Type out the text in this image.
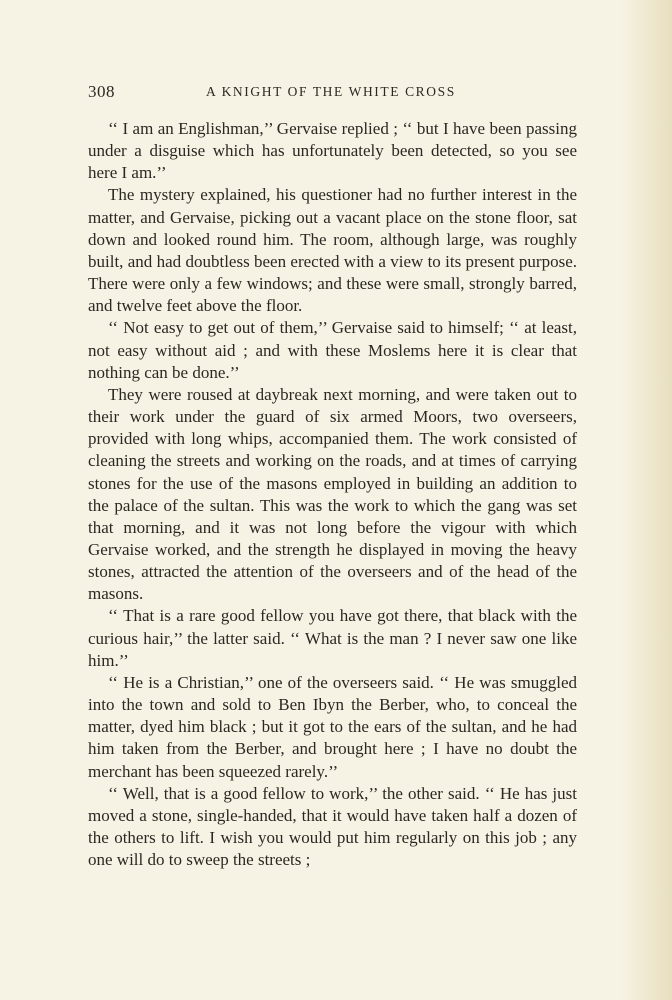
308	A KNIGHT OF THE WHITE CROSS

‘‘ I am an Englishman,’’ Gervaise replied ; ‘‘ but I have been passing under a disguise which has unfortunately been detected, so you see here I am.’’

The mystery explained, his questioner had no further interest in the matter, and Gervaise, picking out a vacant place on the stone floor, sat down and looked round him. The room, although large, was roughly built, and had doubtless been erected with a view to its present purpose. There were only a few windows; and these were small, strongly barred, and twelve feet above the floor.

‘‘ Not easy to get out of them,’’ Gervaise said to himself; ‘‘ at least, not easy without aid ; and with these Moslems here it is clear that nothing can be done.’’

They were roused at daybreak next morning, and were taken out to their work under the guard of six armed Moors, two overseers, provided with long whips, accompanied them. The work consisted of cleaning the streets and working on the roads, and at times of carrying stones for the use of the masons employed in building an addition to the palace of the sultan. This was the work to which the gang was set that morning, and it was not long before the vigour with which Gervaise worked, and the strength he displayed in moving the heavy stones, attracted the attention of the overseers and of the head of the masons.

‘‘ That is a rare good fellow you have got there, that black with the curious hair,’’ the latter said. ‘‘ What is the man ? I never saw one like him.’’

‘‘ He is a Christian,’’ one of the overseers said. ‘‘ He was smuggled into the town and sold to Ben Ibyn the Berber, who, to conceal the matter, dyed him black ; but it got to the ears of the sultan, and he had him taken from the Berber, and brought here ; I have no doubt the merchant has been squeezed rarely.’’

‘‘ Well, that is a good fellow to work,’’ the other said. ‘‘ He has just moved a stone, single-handed, that it would have taken half a dozen of the others to lift. I wish you would put him regularly on this job ; any one will do to sweep the streets ;
